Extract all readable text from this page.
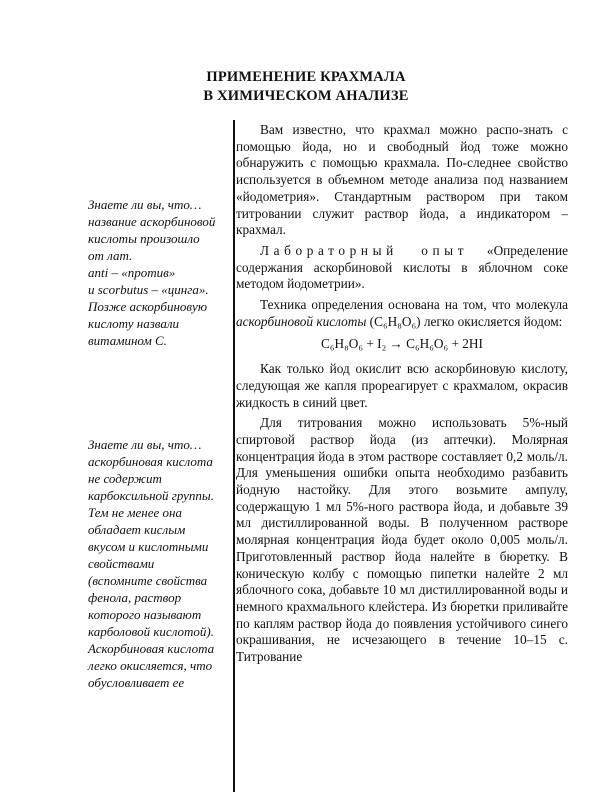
ПРИМЕНЕНИЕ КРАХМАЛА
В ХИМИЧЕСКОМ АНАЛИЗЕ
Знаете ли вы, что…
название аскорбиновой
кислоты произошло
от лат.
anti – «против»
и scorbutus – «цинга».
Позже аскорбиновую
кислоту назвали
витамином С.
Знаете ли вы, что…
аскорбиновая кислота
не содержит
карбоксильной группы.
Тем не менее она
обладает кислым
вкусом и кислотными
свойствами
(вспомните свойства
фенола, раствор
которого называют
карболовой кислотой).
Аскорбиновая кислота
легко окисляется, что
обусловливает ее

Вам известно, что крахмал можно распо-знать с помощью йода, но и свободный йод тоже можно обнаружить с помощью крахмала. По-следнее свойство используется в объемном методе анализа под названием «йодометрия». Стандартным раствором при таком титровании служит раствор йода, а индикатором – крахмал.

Лабораторный опыт «Определение содержания аскорбиновой кислоты в яблочном соке методом йодометрии».

Техника определения основана на том, что молекула аскорбиновой кислоты (C₆H₈O₆) легко окисляется йодом:

C₆H₈O₆ + I₂ → C₆H₆O₆ + 2HI

Как только йод окислит всю аскорбиновую кислоту, следующая же капля прореагирует с крахмалом, окрасив жидкость в синий цвет.

Для титрования можно использовать 5%-ный спиртовой раствор йода (из аптечки). Молярная концентрация йода в этом растворе составляет 0,2 моль/л. Для уменьшения ошибки опыта необходимо разбавить йодную настойку. Для этого возьмите ампулу, содержащую 1 мл 5%-ного раствора йода, и добавьте 39 мл дистиллированной воды. В полученном растворе молярная концентрация йода будет около 0,005 моль/л. Приготовленный раствор йода налейте в бюретку. В коническую колбу с помощью пипетки налейте 2 мл яблочного сока, добавьте 10 мл дистиллированной воды и немного крахмального клейстера. Из бюретки приливайте по каплям раствор йода до появления устойчивого синего окрашивания, не исчезающего в течение 10–15 с. Титрование
